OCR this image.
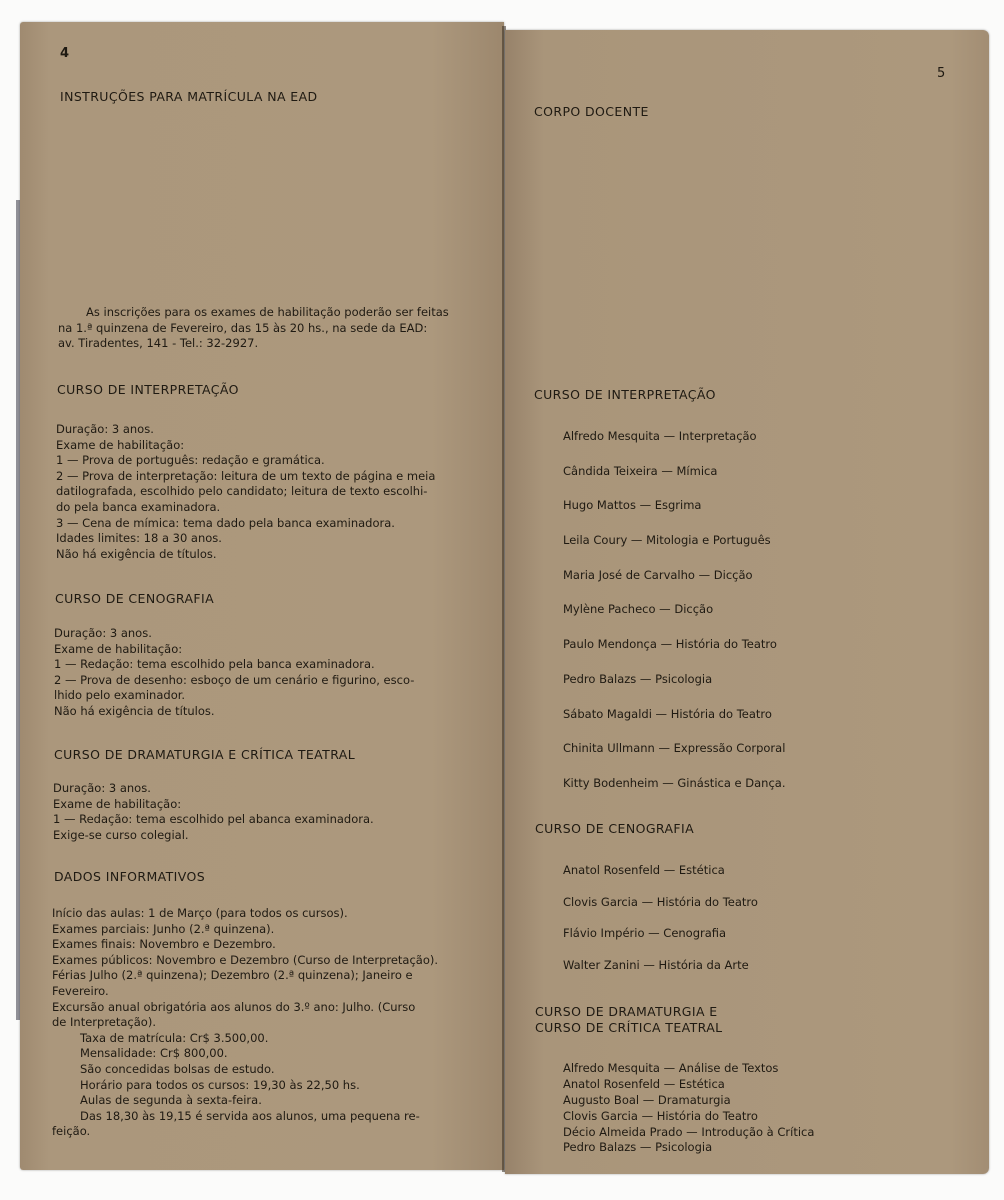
4
INSTRUÇÕES PARA MATRÍCULA NA EAD
As inscrições para os exames de habilitação poderão ser feitas
na 1.ª quinzena de Fevereiro, das 15 às 20 hs., na sede da EAD:
av. Tiradentes, 141 - Tel.: 32-2927.
CURSO DE INTERPRETAÇÃO
Duração: 3 anos.
Exame de habilitação:
1 — Prova de português: redação e gramática.
2 — Prova de interpretação: leitura de um texto de página e meia
datilografada, escolhido pelo candidato; leitura de texto escolhi-
do pela banca examinadora.
3 — Cena de mímica: tema dado pela banca examinadora.
Idades limites: 18 a 30 anos.
Não há exigência de títulos.
CURSO DE CENOGRAFIA
Duração: 3 anos.
Exame de habilitação:
1 — Redação: tema escolhido pela banca examinadora.
2 — Prova de desenho: esboço de um cenário e figurino, esco-
lhido pelo examinador.
Não há exigência de títulos.
CURSO DE DRAMATURGIA E CRÍTICA TEATRAL
Duração: 3 anos.
Exame de habilitação:
1 — Redação: tema escolhido pel abanca examinadora.
Exige-se curso colegial.
DADOS INFORMATIVOS
Início das aulas: 1 de Março (para todos os cursos).
Exames parciais: Junho (2.ª quinzena).
Exames finais: Novembro e Dezembro.
Exames públicos: Novembro e Dezembro (Curso de Interpretação).
Férias Julho (2.ª quinzena); Dezembro (2.ª quinzena); Janeiro e
Fevereiro.
Excursão anual obrigatória aos alunos do 3.º ano: Julho. (Curso
de Interpretação).
Taxa de matrícula: Cr$ 3.500,00.
Mensalidade: Cr$ 800,00.
São concedidas bolsas de estudo.
Horário para todos os cursos: 19,30 às 22,50 hs.
Aulas de segunda à sexta-feira.
Das 18,30 às 19,15 é servida aos alunos, uma pequena re-
feição.
5
CORPO DOCENTE
CURSO DE INTERPRETAÇÃO
Alfredo Mesquita — Interpretação
Cândida Teixeira — Mímica
Hugo Mattos — Esgrima
Leila Coury — Mitologia e Português
Maria José de Carvalho — Dicção
Mylène Pacheco — Dicção
Paulo Mendonça — História do Teatro
Pedro Balazs — Psicologia
Sábato Magaldi — História do Teatro
Chinita Ullmann — Expressão Corporal
Kitty Bodenheim — Ginástica e Dança.
CURSO DE CENOGRAFIA
Anatol Rosenfeld — Estética
Clovis Garcia — História do Teatro
Flávio Império — Cenografia
Walter Zanini — História da Arte
CURSO DE DRAMATURGIA E
CURSO DE CRÍTICA TEATRAL
Alfredo Mesquita — Análise de Textos
Anatol Rosenfeld — Estética
Augusto Boal — Dramaturgia
Clovis Garcia — História do Teatro
Décio Almeida Prado — Introdução à Crítica
Pedro Balazs — Psicologia
